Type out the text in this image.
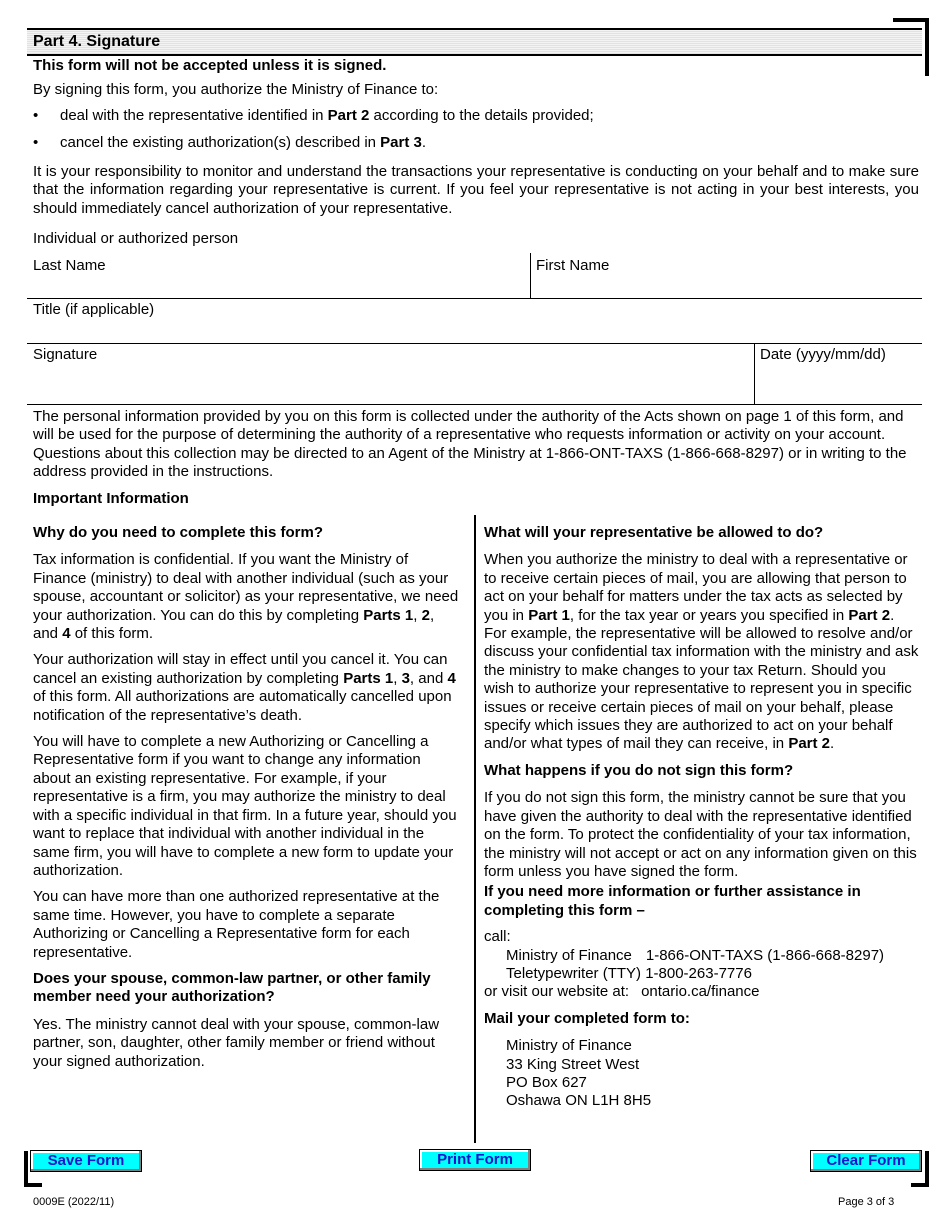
Part 4. Signature
This form will not be accepted unless it is signed.
By signing this form, you authorize the Ministry of Finance to:
• deal with the representative identified in Part 2 according to the details provided;
• cancel the existing authorization(s) described in Part 3.
It is your responsibility to monitor and understand the transactions your representative is conducting on your behalf and to make sure that the information regarding your representative is current. If you feel your representative is not acting in your best interests, you should immediately cancel authorization of your representative.
Individual or authorized person
Last Name	First Name
Title (if applicable)
Signature	Date (yyyy/mm/dd)
The personal information provided by you on this form is collected under the authority of the Acts shown on page 1 of this form, and will be used for the purpose of determining the authority of a representative who requests information or activity on your account. Questions about this collection may be directed to an Agent of the Ministry at 1-866-ONT-TAXS (1-866-668-8297) or in writing to the address provided in the instructions.
Important Information

Why do you need to complete this form?

Tax information is confidential. If you want the Ministry of Finance (ministry) to deal with another individual (such as your spouse, accountant or solicitor) as your representative, we need your authorization. You can do this by completing Parts 1, 2, and 4 of this form.

Your authorization will stay in effect until you cancel it. You can cancel an existing authorization by completing Parts 1, 3, and 4 of this form. All authorizations are automatically cancelled upon notification of the representative’s death.

You will have to complete a new Authorizing or Cancelling a Representative form if you want to change any information about an existing representative. For example, if your representative is a firm, you may authorize the ministry to deal with a specific individual in that firm. In a future year, should you want to replace that individual with another individual in the same firm, you will have to complete a new form to update your authorization.

You can have more than one authorized representative at the same time. However, you have to complete a separate Authorizing or Cancelling a Representative form for each representative.

Does your spouse, common-law partner, or other family member need your authorization?

Yes. The ministry cannot deal with your spouse, common-law partner, son, daughter, other family member or friend without your signed authorization.

What will your representative be allowed to do?

When you authorize the ministry to deal with a representative or to receive certain pieces of mail, you are allowing that person to act on your behalf for matters under the tax acts as selected by you in Part 1, for the tax year or years you specified in Part 2. For example, the representative will be allowed to resolve and/or discuss your confidential tax information with the ministry and ask the ministry to make changes to your tax Return. Should you wish to authorize your representative to represent you in specific issues or receive certain pieces of mail on your behalf, please specify which issues they are authorized to act on your behalf and/or what types of mail they can receive, in Part 2.

What happens if you do not sign this form?

If you do not sign this form, the ministry cannot be sure that you have given the authority to deal with the representative identified on the form. To protect the confidentiality of your tax information, the ministry will not accept or act on any information given on this form unless you have signed the form.

If you need more information or further assistance in completing this form –

call:

Ministry of Finance 1-866-ONT-TAXS (1-866-668-8297)

Teletypewriter (TTY) 1-800-263-7776

or visit our website at: ontario.ca/finance

Mail your completed form to:

Ministry of Finance
33 King Street West
PO Box 627
Oshawa ON L1H 8H5
Save Form	Print Form	Clear Form
0009E (2022/11)	Page 3 of 3
